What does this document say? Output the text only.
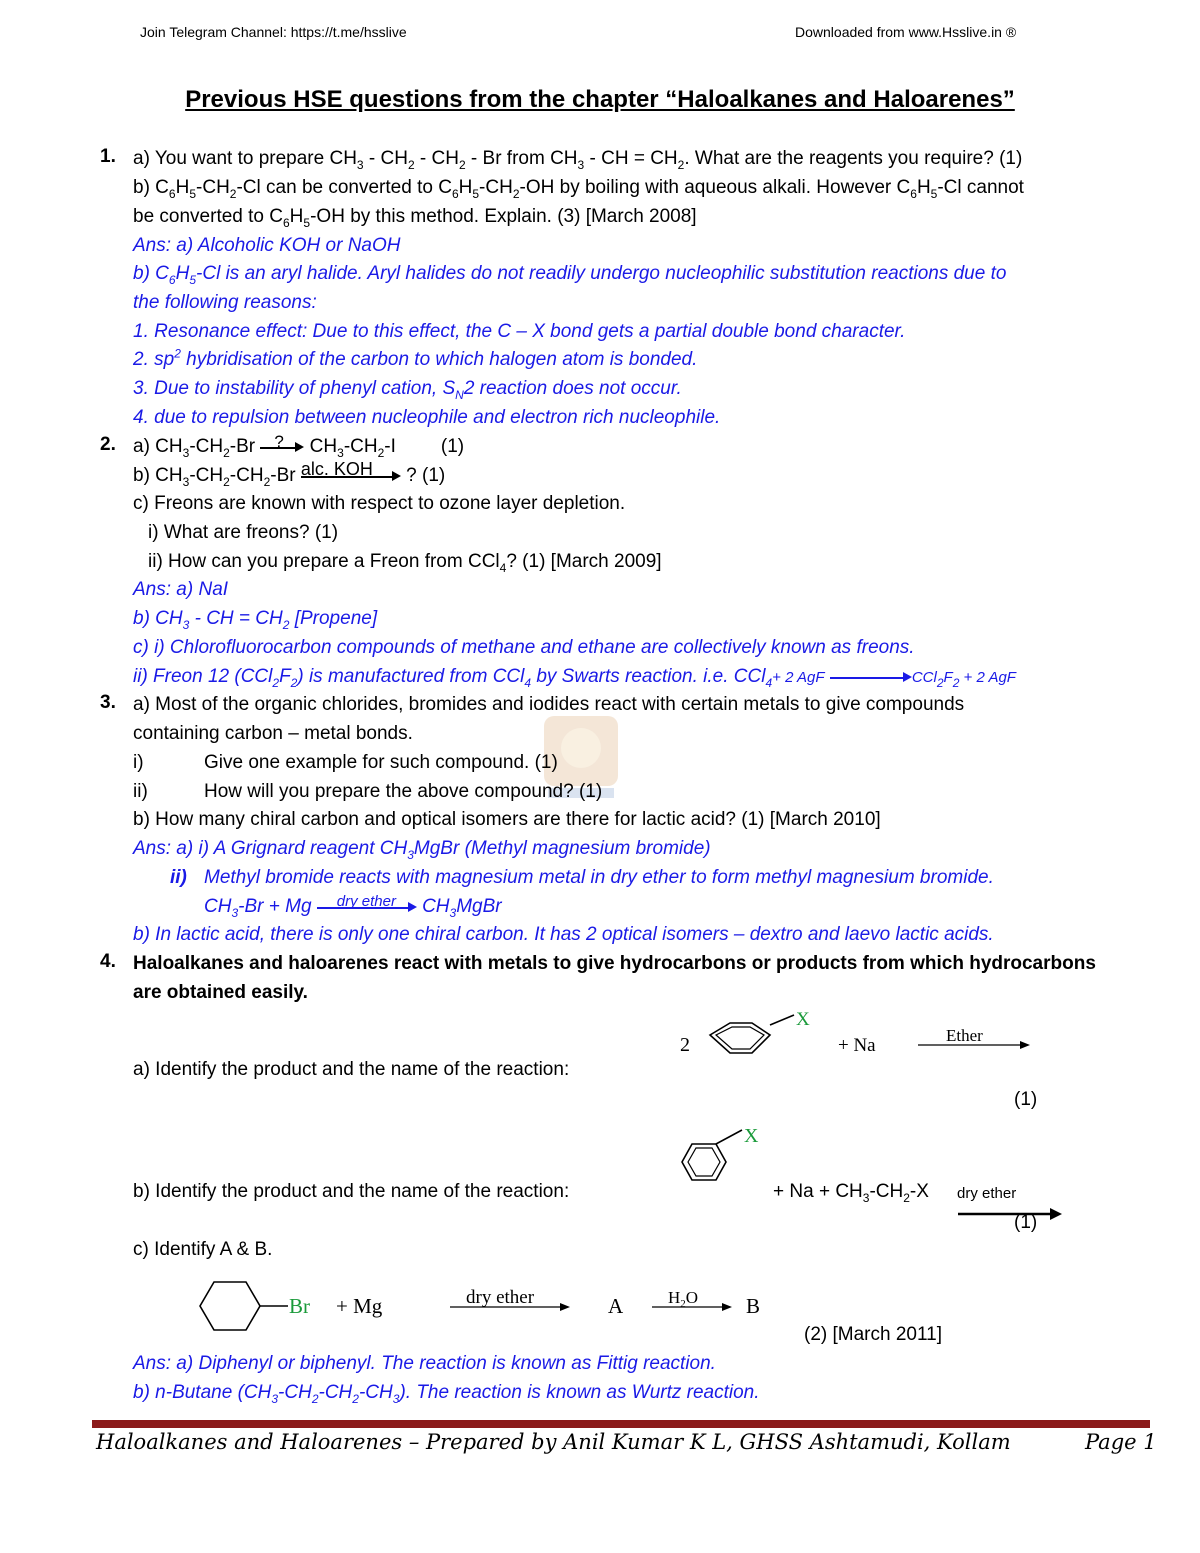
Join Telegram Channel: https://t.me/hsslive	Downloaded from www.Hsslive.in ®
Previous HSE questions from the chapter “Haloalkanes and Haloarenes”
1. a) You want to prepare $CH_3 - CH_2 - CH_2$ - Br from $CH_3$ - CH = $CH_2$. What are the reagents you require? (1)
b) $C_6H_5-CH_2-Cl$ can be converted to $C_6H_5-CH_2-OH$ by boiling with aqueous alkali. However $C_6H_5-Cl$ cannot
be converted to $C_6H_5-OH$ by this method. Explain. (3) [March 2008]
Ans: a) Alcoholic KOH or NaOH
b) $C_6H_5-Cl$ is an aryl halide. Aryl halides do not readily undergo nucleophilic substitution reactions due to
the following reasons:
1. Resonance effect: Due to this effect, the C – X bond gets a partial double bond character.
2. $sp^2$ hybridisation of the carbon to which halogen atom is bonded.
3. Due to instability of phenyl cation, $S_N2$ reaction does not occur.
4. due to repulsion between nucleophile and electron rich nucleophile.
2. a) $CH_3-CH_2-Br$ ? $CH_3-CH_2-I$ (1)
b) $CH_3-CH_2-CH_2-Br$ alc. KOH ? (1)
c) Freons are known with respect to ozone layer depletion.
i) What are freons? (1)
ii) How can you prepare a Freon from CCl$_4$? (1) [March 2009]
Ans: a) NaI
b) $CH_3$ - CH = $CH_2$ [Propene]
c) i) Chlorofluorocarbon compounds of methane and ethane are collectively known as freons.
ii) Freon 12 $(CCl_2F_2)$ is manufactured from CCl$_4$ by Swarts reaction. i.e. CCl$_4$+ 2 AgF	$CCl_2F_2 + 2$ AgF
3. a) Most of the organic chlorides, bromides and iodides react with certain metals to give compounds
containing carbon – metal bonds.
i)	Give one example for such compound. (1)
ii)	How will you prepare the above compound? (1)
b) How many chiral carbon and optical isomers are there for lactic acid? (1) [March 2010]
Ans: a) i) A Grignard reagent $CH_3MgBr$ (Methyl magnesium bromide)
ii) Methyl bromide reacts with magnesium metal in dry ether to form methyl magnesium bromide.
$CH_3-Br + Mg$ dry ether $CH_3MgBr$
b) In lactic acid, there is only one chiral carbon. It has 2 optical isomers – dextro and laevo lactic acids.
4. Haloalkanes and haloarenes react with metals to give hydrocarbons or products from which hydrocarbons
are obtained easily.
2
X
+ Na	Ether
a) Identify the product and the name of the reaction:
(1)
X
b) Identify the product and the name of the reaction:	+ $Na + CH_3-CH_2-X$ dry ether
(1)
c) Identify A & B.
Br + Mg	dry ether	A	$H_2O$ B
(2) [March 2011]
Ans: a) Diphenyl or biphenyl. The reaction is known as Fittig reaction.
b) n-Butane $(CH_3-CH_2-CH_2-CH_3)$. The reaction is known as Wurtz reaction.
Haloalkanes and Haloarenes – Prepared by Anil Kumar K L, GHSS Ashtamudi, Kollam	Page 1
